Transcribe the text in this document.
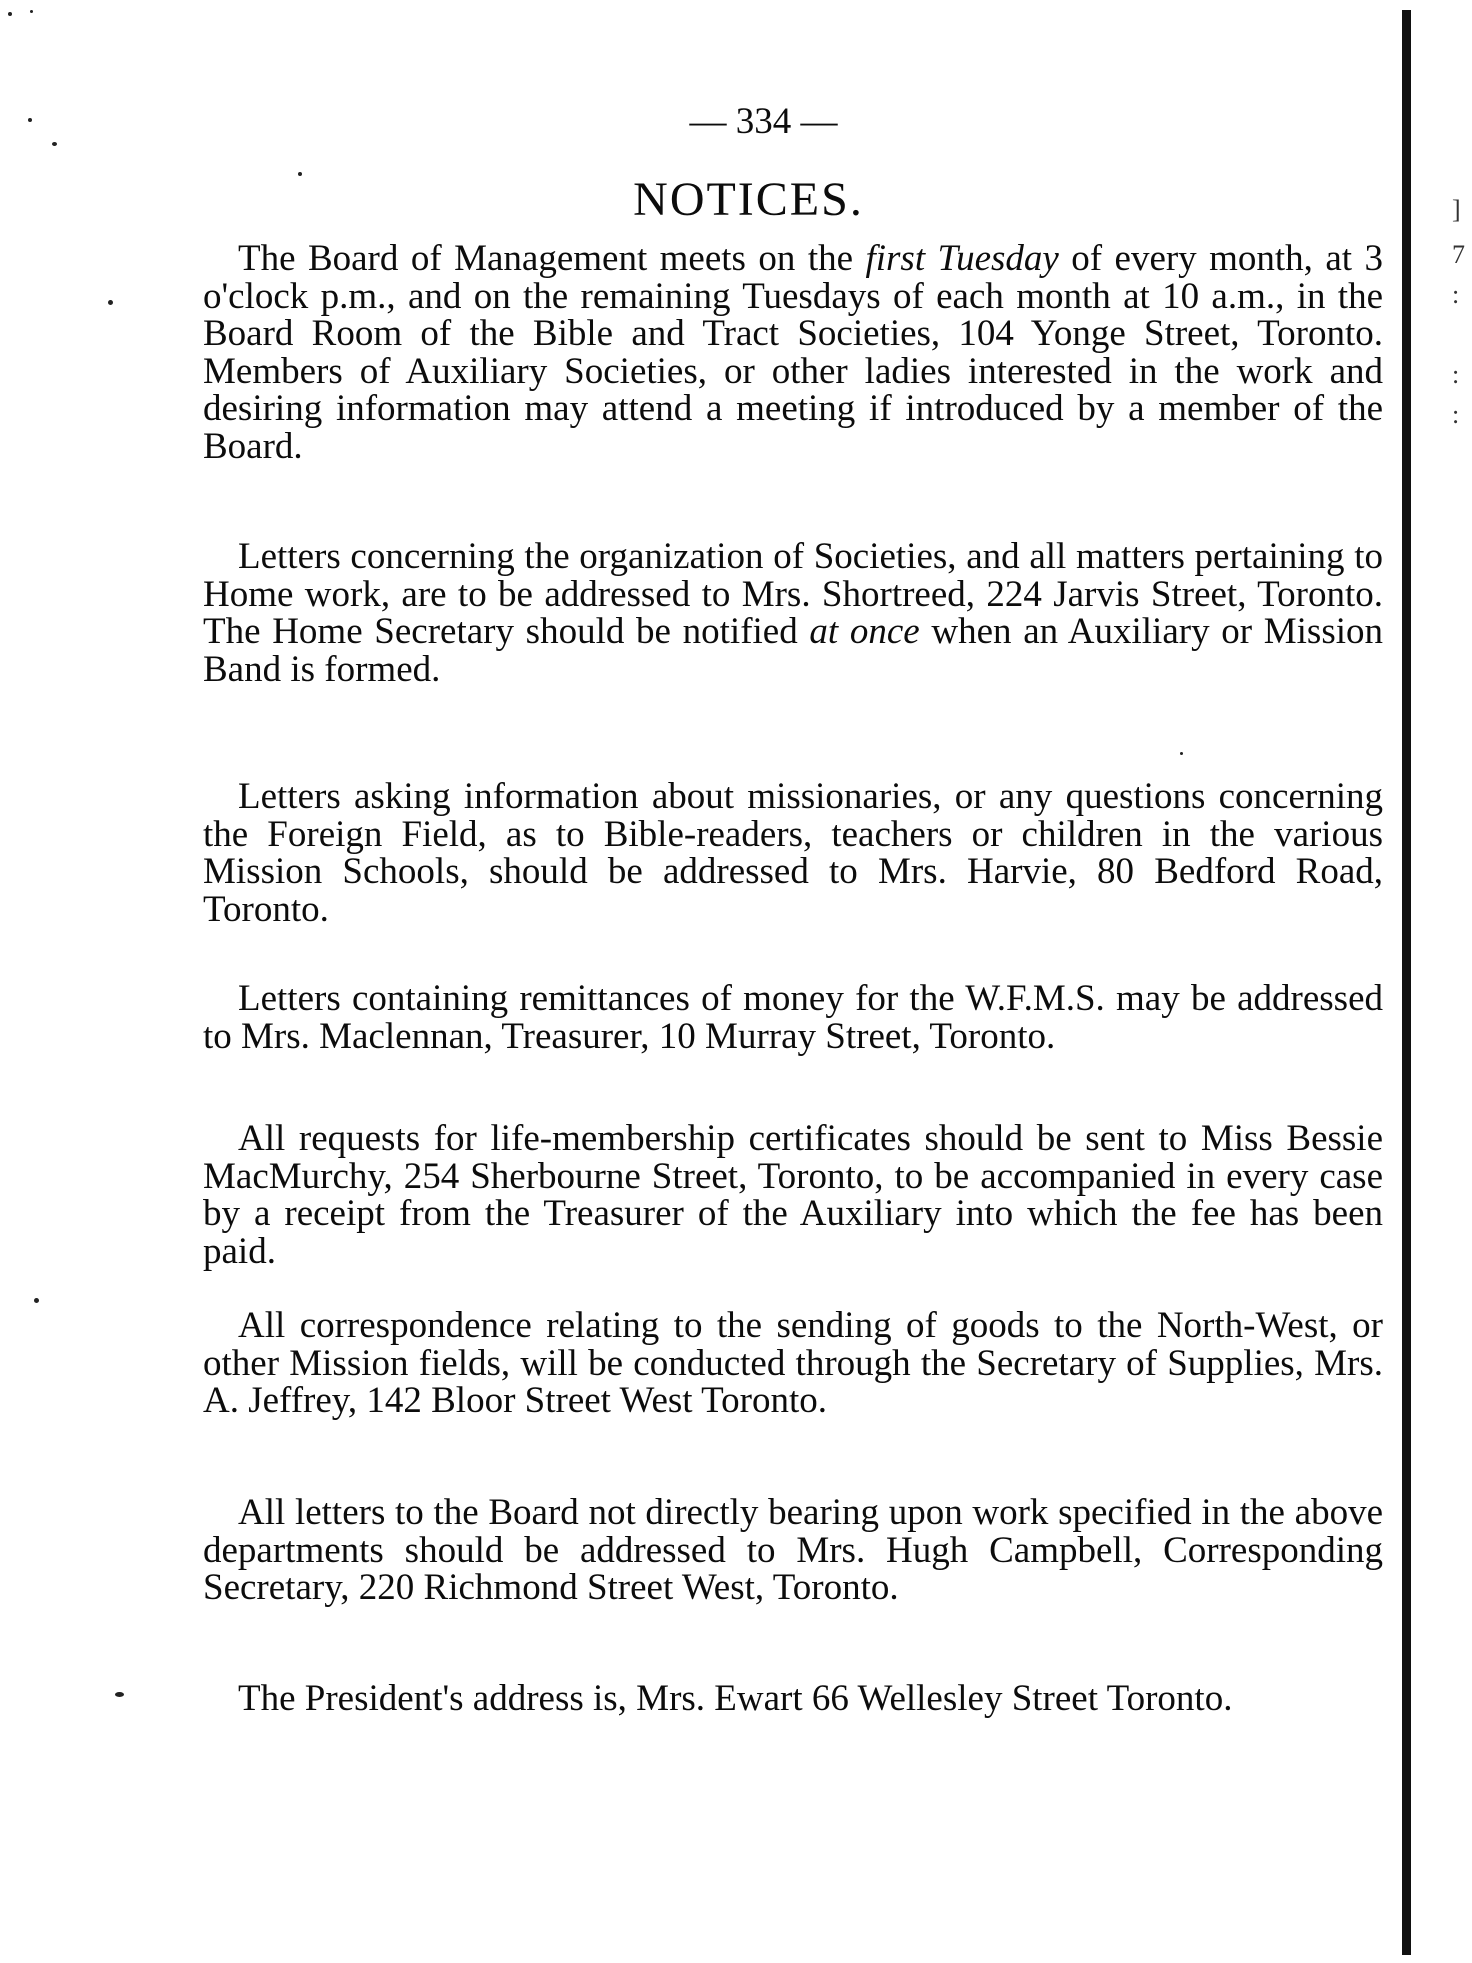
— 334 —
NOTICES.

The Board of Management meets on the first Tuesday of every month, at 3 o'clock p.m., and on the remaining Tuesdays of each month at 10 a.m., in the Board Room of the Bible and Tract Societies, 104 Yonge Street, Toronto. Members of Auxiliary Societies, or other ladies interested in the work and desiring information may attend a meeting if introduced by a member of the Board.

Letters concerning the organization of Societies, and all matters pertaining to Home work, are to be addressed to Mrs. Shortreed, 224 Jarvis Street, Toronto. The Home Secretary should be notified at once when an Auxiliary or Mission Band is formed.

Letters asking information about missionaries, or any questions concerning the Foreign Field, as to Bible-readers, teachers or children in the various Mission Schools, should be addressed to Mrs. Harvie, 80 Bedford Road, Toronto.

Letters containing remittances of money for the W.F.M.S. may be addressed to Mrs. Maclennan, Treasurer, 10 Murray Street, Toronto.

All requests for life-membership certificates should be sent to Miss Bessie MacMurchy, 254 Sherbourne Street, Toronto, to be accompanied in every case by a receipt from the Treasurer of the Auxiliary into which the fee has been paid.

All correspondence relating to the sending of goods to the North-West, or other Mission fields, will be conducted through the Secretary of Supplies, Mrs. A. Jeffrey, 142 Bloor Street West Toronto.

All letters to the Board not directly bearing upon work specified in the above departments should be addressed to Mrs. Hugh Campbell, Corresponding Secretary, 220 Richmond Street West, Toronto.

The President's address is, Mrs. Ewart 66 Wellesley Street Toronto.

]
7
:
:
:
